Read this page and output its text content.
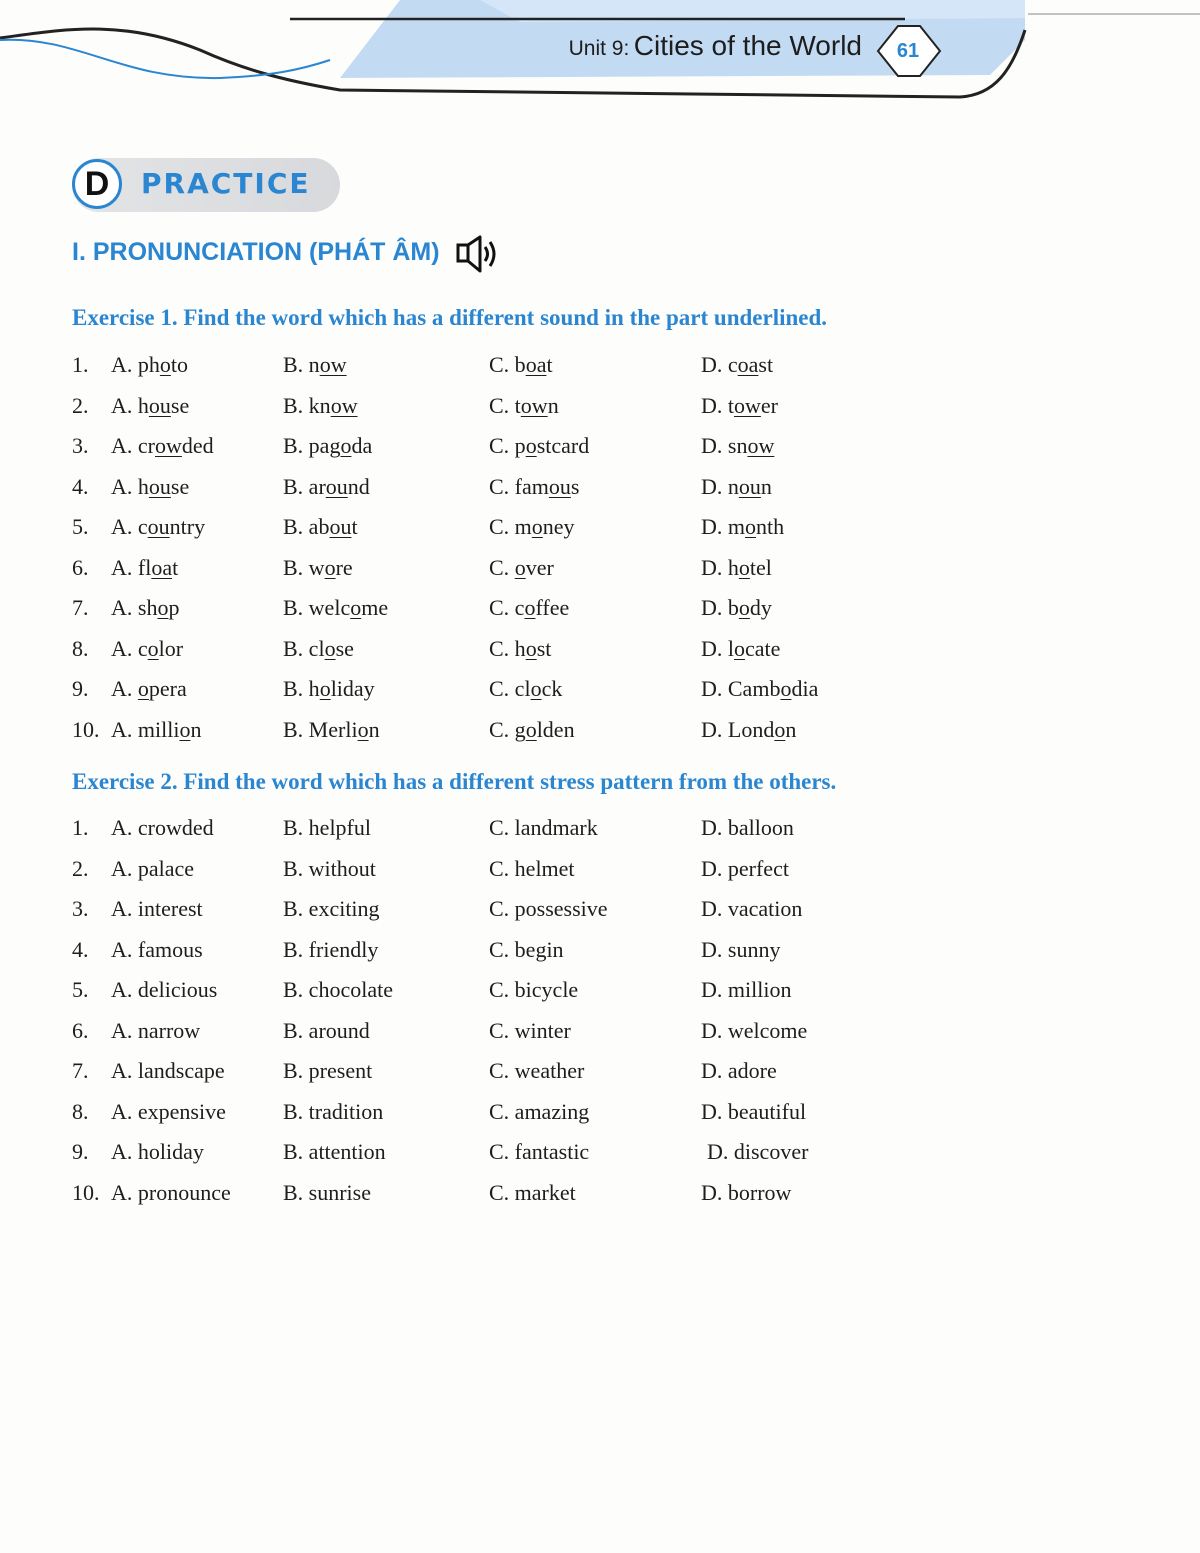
Unit 9: Cities of the World	61
D	PRACTICE
I. PRONUNCIATION (PHÁT ÂM)
Exercise 1. Find the word which has a different sound in the part underlined.
1. A. photo	B. now	C. boat	D. coast
2. A. house	B. know	C. town	D. tower
3. A. crowded	B. pagoda	C. postcard	D. snow
4. A. house	B. around	C. famous	D. noun
5. A. country	B. about	C. money	D. month
6. A. float	B. wore	C. over	D. hotel
7. A. shop	B. welcome	C. coffee	D. body
8. A. color	B. close	C. host	D. locate
9. A. opera	B. holiday	C. clock	D. Cambodia
10. A. million	B. Merlion	C. golden	D. London
Exercise 2. Find the word which has a different stress pattern from the others.
1. A. crowded	B. helpful	C. landmark	D. balloon
2. A. palace	B. without	C. helmet	D. perfect
3. A. interest	B. exciting	C. possessive	D. vacation
4. A. famous	B. friendly	C. begin	D. sunny
5. A. delicious	B. chocolate	C. bicycle	D. million
6. A. narrow	B. around	C. winter	D. welcome
7. A. landscape	B. present	C. weather	D. adore
8. A. expensive	B. tradition	C. amazing	D. beautiful
9. A. holiday	B. attention	C. fantastic	D. discover
10. A. pronounce B. sunrise	C. market	D. borrow
